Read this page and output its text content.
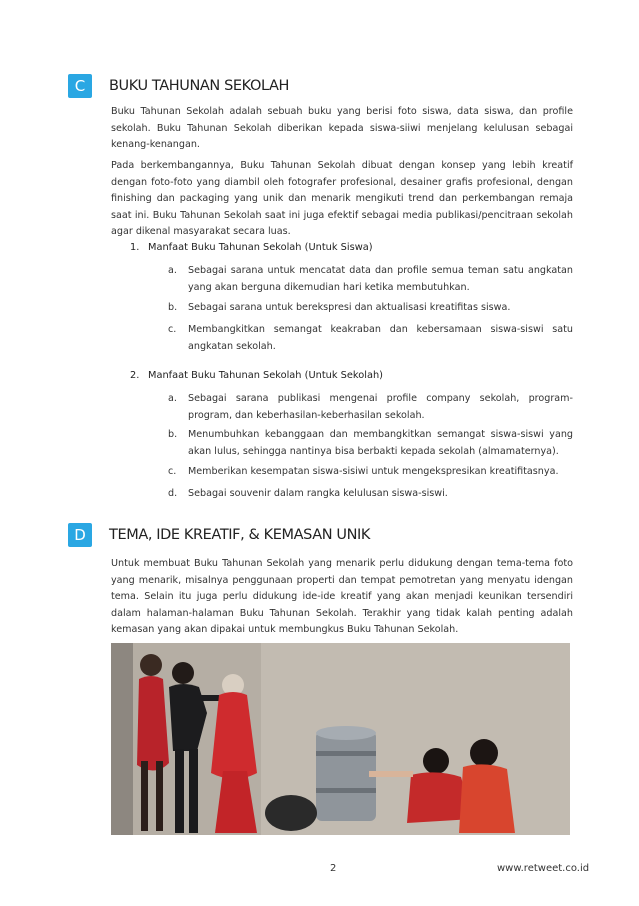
C	BUKU TAHUNAN SEKOLAH

Buku Tahunan Sekolah adalah sebuah buku yang berisi foto siswa, data siswa, dan profile sekolah. Buku Tahunan Sekolah diberikan kepada siswa-siiwi menjelang kelulusan sebagai kenang-kenangan.

Pada berkembangannya, Buku Tahunan Sekolah dibuat dengan konsep yang lebih kreatif dengan foto-foto yang diambil oleh fotografer profesional, desainer grafis profesional, dengan finishing dan packaging yang unik dan menarik mengikuti trend dan perkembangan remaja saat ini. Buku Tahunan Sekolah saat ini juga efektif sebagai media publikasi/pencitraan sekolah agar dikenal masyarakat secara luas.

1. Manfaat Buku Tahunan Sekolah (Untuk Siswa)
a. Sebagai sarana untuk mencatat data dan profile semua teman satu angkatan yang akan berguna dikemudian hari ketika membutuhkan.
b. Sebagai sarana untuk berekspresi dan aktualisasi kreatifitas siswa.
c. Membangkitkan semangat keakraban dan kebersamaan siswa-siswi satu angkatan sekolah.
2. Manfaat Buku Tahunan Sekolah (Untuk Sekolah)
a. Sebagai sarana publikasi mengenai profile company sekolah, program-program, dan keberhasilan-keberhasilan sekolah.
b. Menumbuhkan kebanggaan dan membangkitkan semangat siswa-siswi yang akan lulus, sehingga nantinya bisa berbakti kepada sekolah (almamaternya).
c. Memberikan kesempatan siswa-sisiwi untuk mengekspresikan kreatifitasnya.
d. Sebagai souvenir dalam rangka kelulusan siswa-siswi.
D	TEMA, IDE KREATIF, & KEMASAN UNIK

Untuk membuat Buku Tahunan Sekolah yang menarik perlu didukung dengan tema-tema foto yang menarik, misalnya penggunaan properti dan tempat pemotretan yang menyatu idengan tema. Selain itu juga perlu didukung ide-ide kreatif yang akan menjadi keunikan tersendiri dalam halaman-halaman Buku Tahunan Sekolah. Terakhir yang tidak kalah penting adalah kemasan yang akan dipakai untuk membungkus Buku Tahunan Sekolah.

2	www.retweet.co.id
